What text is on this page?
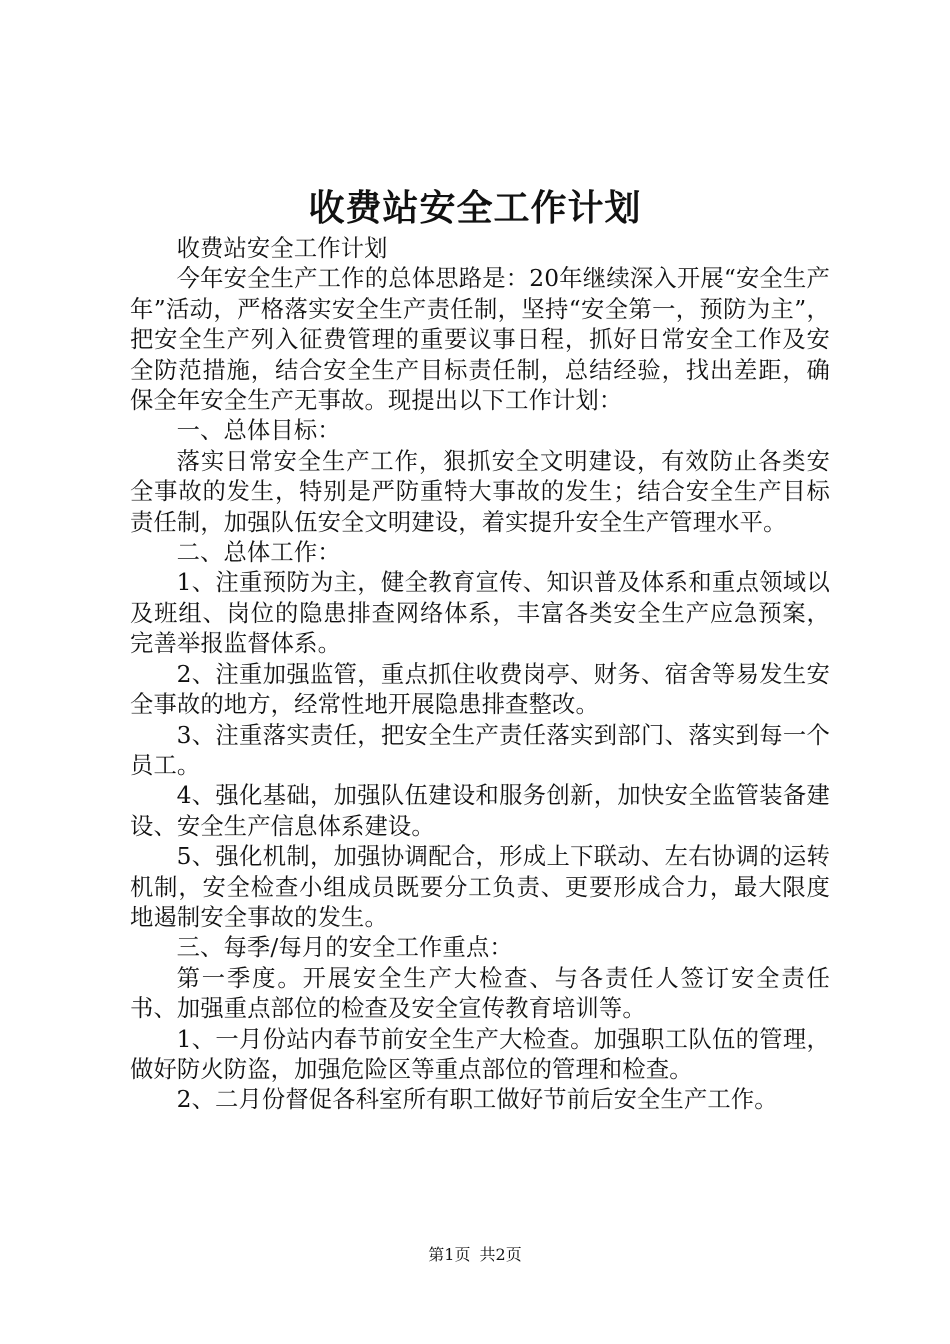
收费站安全工作计划

收费站安全工作计划

今年安全生产工作的总体思路是：20年继续深入开展“安全生产年”活动，严格落实安全生产责任制，坚持“安全第一，预防为主”，把安全生产列入征费管理的重要议事日程，抓好日常安全工作及安全防范措施，结合安全生产目标责任制，总结经验，找出差距，确保全年安全生产无事故。现提出以下工作计划：

一、总体目标：

落实日常安全生产工作，狠抓安全文明建设，有效防止各类安全事故的发生，特别是严防重特大事故的发生；结合安全生产目标责任制，加强队伍安全文明建设，着实提升安全生产管理水平。

二、总体工作：

1、注重预防为主，健全教育宣传、知识普及体系和重点领域以及班组、岗位的隐患排查网络体系，丰富各类安全生产应急预案，完善举报监督体系。

2、注重加强监管，重点抓住收费岗亭、财务、宿舍等易发生安全事故的地方，经常性地开展隐患排查整改。

3、注重落实责任，把安全生产责任落实到部门、落实到每一个员工。

4、强化基础，加强队伍建设和服务创新，加快安全监管装备建设、安全生产信息体系建设。

5、强化机制，加强协调配合，形成上下联动、左右协调的运转机制，安全检查小组成员既要分工负责、更要形成合力，最大限度地遏制安全事故的发生。

三、每季/每月的安全工作重点：

第一季度。开展安全生产大检查、与各责任人签订安全责任书、加强重点部位的检查及安全宣传教育培训等。

1、一月份站内春节前安全生产大检查。加强职工队伍的管理，做好防火防盗，加强危险区等重点部位的管理和检查。

2、二月份督促各科室所有职工做好节前后安全生产工作。

第1页 共2页
